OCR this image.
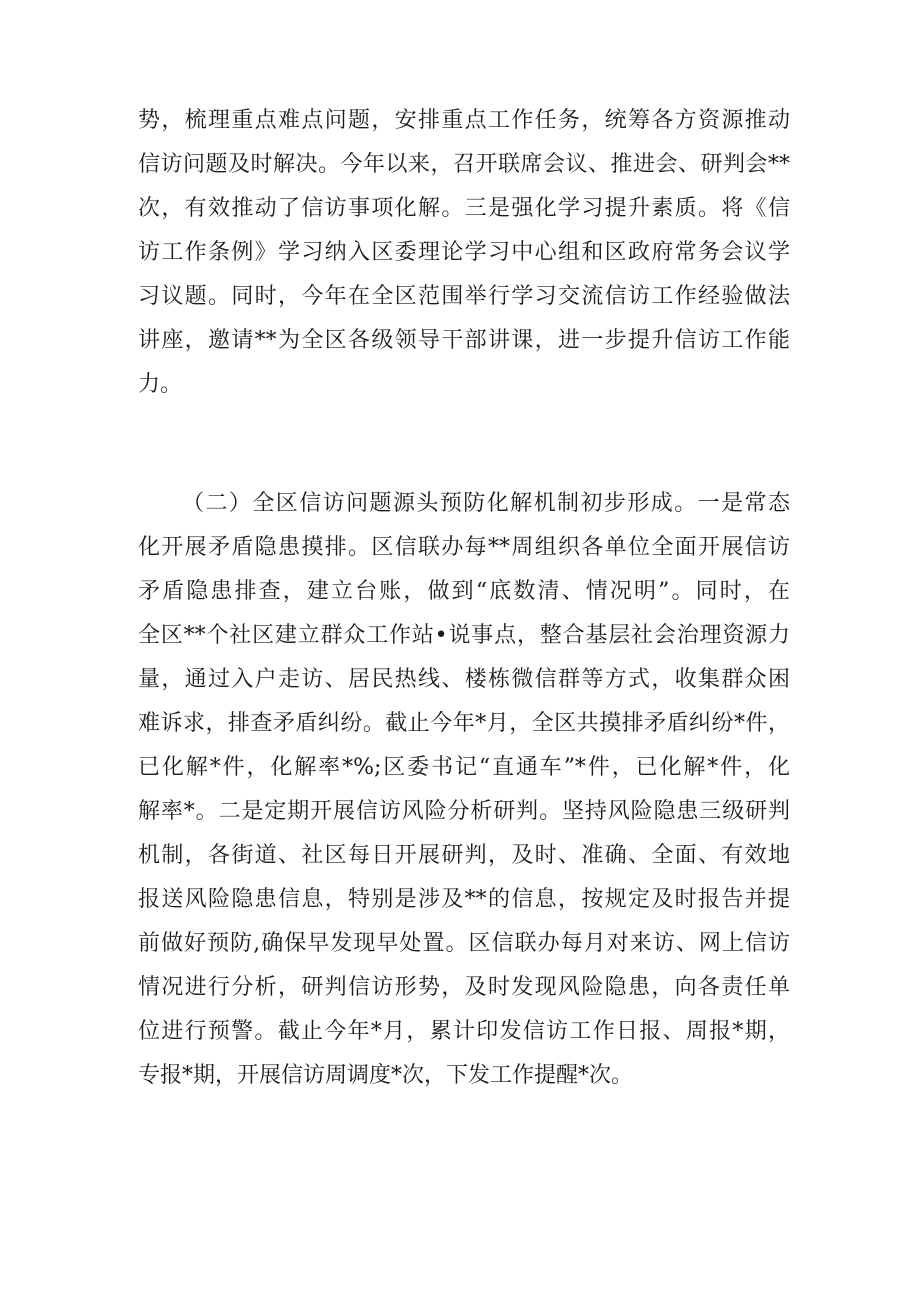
势，梳理重点难点问题，安排重点工作任务，统筹各方资源推动
信访问题及时解决。今年以来，召开联席会议、推进会、研判会**
次，有效推动了信访事项化解。三是强化学习提升素质。将《信
访工作条例》学习纳入区委理论学习中心组和区政府常务会议学
习议题。同时，今年在全区范围举行学习交流信访工作经验做法
讲座，邀请**为全区各级领导干部讲课，进一步提升信访工作能
力。
（二）全区信访问题源头预防化解机制初步形成。一是常态
化开展矛盾隐患摸排。区信联办每**周组织各单位全面开展信访
矛盾隐患排查，建立台账，做到“底数清、情况明”。同时，在
全区**个社区建立群众工作站•说事点，整合基层社会治理资源力
量，通过入户走访、居民热线、楼栋微信群等方式，收集群众困
难诉求，排查矛盾纠纷。截止今年*月，全区共摸排矛盾纠纷*件，
已化解*件，化解率*%;区委书记“直通车”*件，已化解*件，化
解率*。二是定期开展信访风险分析研判。坚持风险隐患三级研判
机制，各街道、社区每日开展研判，及时、准确、全面、有效地
报送风险隐患信息，特别是涉及**的信息，按规定及时报告并提
前做好预防,确保早发现早处置。区信联办每月对来访、网上信访
情况进行分析，研判信访形势，及时发现风险隐患，向各责任单
位进行预警。截止今年*月，累计印发信访工作日报、周报*期，
专报*期，开展信访周调度*次，下发工作提醒*次。
